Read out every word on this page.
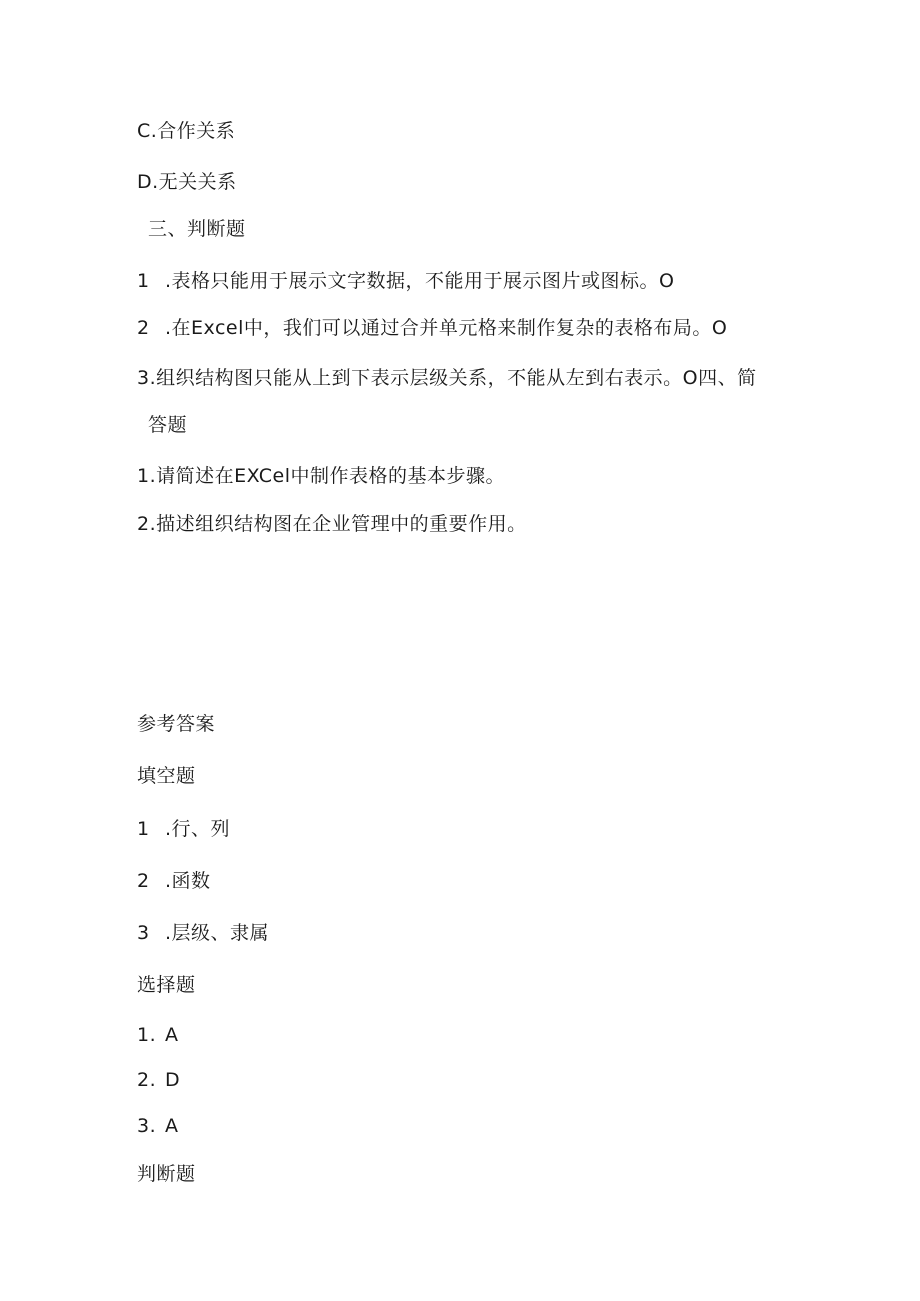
C.合作关系
D.无关关系
三、判断题
1 .表格只能用于展示文字数据，不能用于展示图片或图标。O
2 .在Excel中，我们可以通过合并单元格来制作复杂的表格布局。O
3.组织结构图只能从上到下表示层级关系，不能从左到右表示。O四、简
答题
1.请简述在EXCel中制作表格的基本步骤。
2.描述组织结构图在企业管理中的重要作用。
参考答案
填空题
1 .行、列
2 .函数
3 .层级、隶属
选择题
1. A
2. D
3. A
判断题
